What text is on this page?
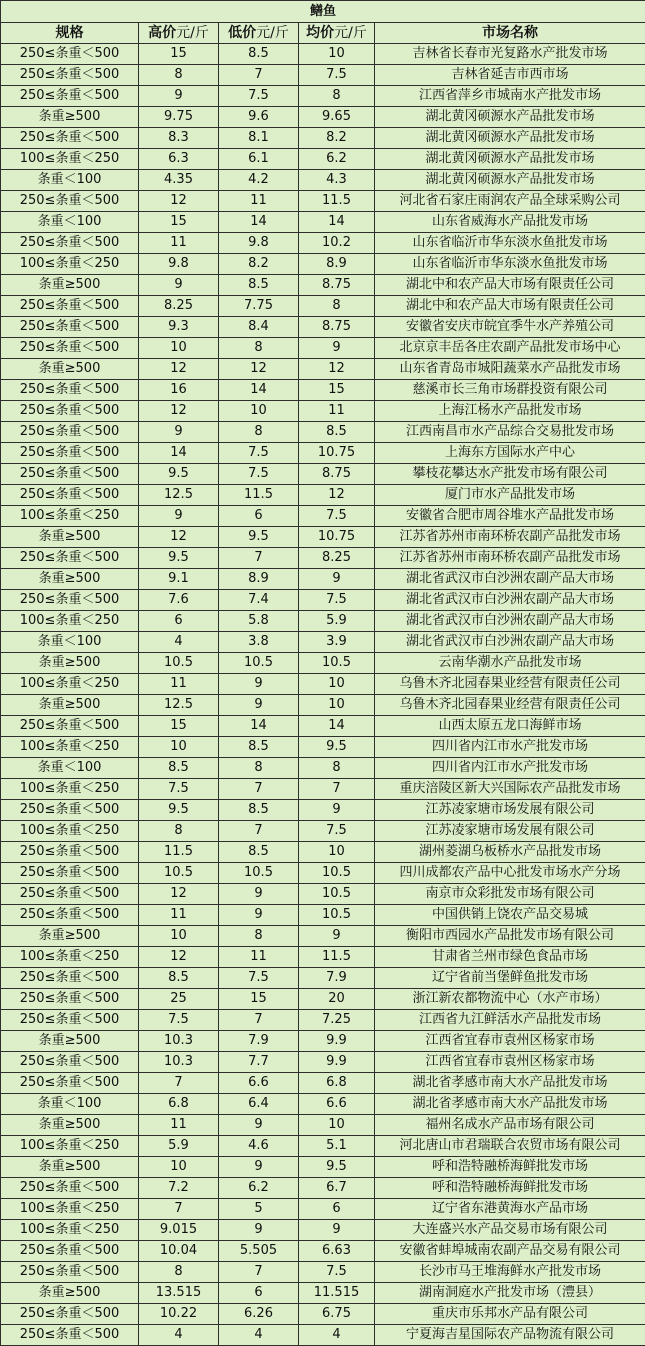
鳝鱼				
规格	高价元/斤	低价元/斤	均价元/斤	市场名称
250≤条重＜500	15	8.5	10	吉林省长春市光复路水产批发市场
250≤条重＜500	8	7	7.5	吉林省延吉市西市场
250≤条重＜500	9	7.5	8	江西省萍乡市城南水产批发市场
条重≥500	9.75	9.6	9.65	湖北黄冈硕源水产品批发市场
250≤条重＜500	8.3	8.1	8.2	湖北黄冈硕源水产品批发市场
100≤条重＜250	6.3	6.1	6.2	湖北黄冈硕源水产品批发市场
条重＜100	4.35	4.2	4.3	湖北黄冈硕源水产品批发市场
250≤条重＜500	12	11	11.5	河北省石家庄雨润农产品全球采购公司
条重＜100	15	14	14	山东省威海水产品批发市场
250≤条重＜500	11	9.8	10.2	山东省临沂市华东淡水鱼批发市场
100≤条重＜250	9.8	8.2	8.9	山东省临沂市华东淡水鱼批发市场
条重≥500	9	8.5	8.75	湖北中和农产品大市场有限责任公司
250≤条重＜500	8.25	7.75	8	湖北中和农产品大市场有限责任公司
250≤条重＜500	9.3	8.4	8.75	安徽省安庆市皖宜季牛水产养殖公司
250≤条重＜500	10	8	9	北京京丰岳各庄农副产品批发市场中心
条重≥500	12	12	12	山东省青岛市城阳蔬菜水产品批发市场
250≤条重＜500	16	14	15	慈溪市长三角市场群投资有限公司
250≤条重＜500	12	10	11	上海江杨水产品批发市场
250≤条重＜500	9	8	8.5	江西南昌市水产品综合交易批发市场
250≤条重＜500	14	7.5	10.75	上海东方国际水产中心
250≤条重＜500	9.5	7.5	8.75	攀枝花攀达水产批发市场有限公司
250≤条重＜500	12.5	11.5	12	厦门市水产品批发市场
100≤条重＜250	9	6	7.5	安徽省合肥市周谷堆水产品批发市场
条重≥500	12	9.5	10.75	江苏省苏州市南环桥农副产品批发市场
250≤条重＜500	9.5	7	8.25	江苏省苏州市南环桥农副产品批发市场
条重≥500	9.1	8.9	9	湖北省武汉市白沙洲农副产品大市场
250≤条重＜500	7.6	7.4	7.5	湖北省武汉市白沙洲农副产品大市场
100≤条重＜250	6	5.8	5.9	湖北省武汉市白沙洲农副产品大市场
条重＜100	4	3.8	3.9	湖北省武汉市白沙洲农副产品大市场
条重≥500	10.5	10.5	10.5	云南华潮水产品批发市场
100≤条重＜250	11	9	10	乌鲁木齐北园春果业经营有限责任公司
条重≥500	12.5	9	10	乌鲁木齐北园春果业经营有限责任公司
250≤条重＜500	15	14	14	山西太原五龙口海鲜市场
100≤条重＜250	10	8.5	9.5	四川省内江市水产批发市场
条重＜100	8.5	8	8	四川省内江市水产批发市场
100≤条重＜250	7.5	7	7	重庆涪陵区新大兴国际农产品批发市场
250≤条重＜500	9.5	8.5	9	江苏凌家塘市场发展有限公司
100≤条重＜250	8	7	7.5	江苏凌家塘市场发展有限公司
250≤条重＜500	11.5	8.5	10	湖州菱湖乌板桥水产品批发市场
250≤条重＜500	10.5	10.5	10.5	四川成都农产品中心批发市场水产分场
250≤条重＜500	12	9	10.5	南京市众彩批发市场有限公司
250≤条重＜500	11	9	10.5	中国供销上饶农产品交易城
条重≥500	10	8	9	衡阳市西园水产品批发市场有限公司
100≤条重＜250	12	11	11.5	甘肃省兰州市绿色食品市场
250≤条重＜500	8.5	7.5	7.9	辽宁省前当堡鲜鱼批发市场
250≤条重＜500	25	15	20	浙江新农都物流中心（水产市场）
250≤条重＜500	7.5	7	7.25	江西省九江鲜活水产品批发市场
条重≥500	10.3	7.9	9.9	江西省宜春市袁州区杨家市场
250≤条重＜500	10.3	7.7	9.9	江西省宜春市袁州区杨家市场
250≤条重＜500	7	6.6	6.8	湖北省孝感市南大水产品批发市场
条重＜100	6.8	6.4	6.6	湖北省孝感市南大水产品批发市场
条重≥500	11	9	10	福州名成水产品市场有限公司
100≤条重＜250	5.9	4.6	5.1	河北唐山市君瑞联合农贸市场有限公司
条重≥500	10	9	9.5	呼和浩特融桥海鲜批发市场
250≤条重＜500	7.2	6.2	6.7	呼和浩特融桥海鲜批发市场
100≤条重＜250	7	5	6	辽宁省东港黄海水产品市场
100≤条重＜250	9.015	9	9	大连盛兴水产品交易市场有限公司
250≤条重＜500	10.04	5.505	6.63	安徽省蚌埠城南农副产品交易有限公司
250≤条重＜500	8	7	7.5	长沙市马王堆海鲜水产批发市场
条重≥500	13.515	6	11.515	湖南洞庭水产批发市场（澧县）
250≤条重＜500	10.22	6.26	6.75	重庆市乐邦水产品有限公司
250≤条重＜500	4	4	4	宁夏海吉星国际农产品物流有限公司
